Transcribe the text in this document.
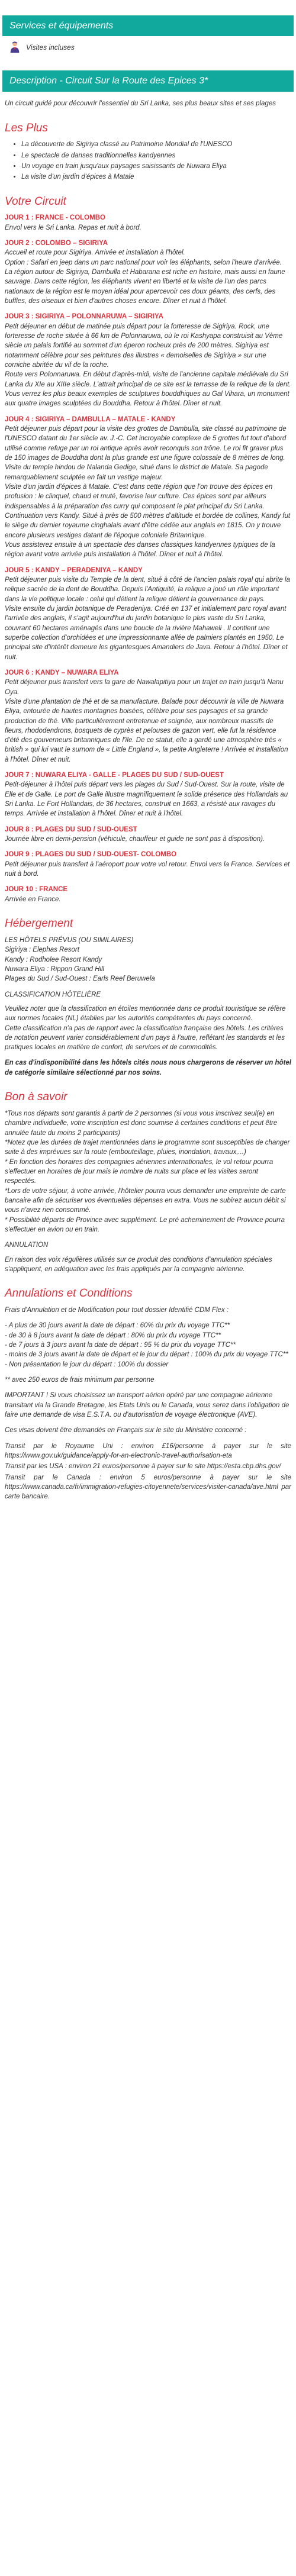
Services et équipements
Visites incluses
Description - Circuit Sur la Route des Epices 3*
Un circuit guidé pour découvrir l'essentiel du Sri Lanka, ses plus beaux sites et ses plages
Les Plus
• La découverte de Sigiriya classé au Patrimoine Mondial de l'UNESCO
• Le spectacle de danses traditionnelles kandyennes
• Un voyage en train jusqu'aux paysages saisissants de Nuwara Eliya
• La visite d'un jardin d'épices à Matale
Votre Circuit
JOUR 1 : FRANCE - COLOMBO
Envol vers le Sri Lanka. Repas et nuit à bord.
JOUR 2 : COLOMBO – SIGIRIYA
Accueil et route pour Sigiriya. Arrivée et installation à l'hôtel.
Option : Safari en jeep dans un parc national pour voir les éléphants, selon l'heure d'arrivée.
La région autour de Sigiriya, Dambulla et Habarana est riche en histoire, mais aussi en faune sauvage. Dans cette région, les éléphants vivent en liberté et la visite de l'un des parcs nationaux de la région est le moyen idéal pour apercevoir ces doux géants, des cerfs, des buffles, des oiseaux et bien d'autres choses encore. Dîner et nuit à l'hôtel.
JOUR 3 : SIGIRIYA – POLONNARUWA – SIGIRIYA
Petit déjeuner en début de matinée puis départ pour la forteresse de Sigiriya. Rock, une forteresse de roche située à 66 km de Polonnaruwa, où le roi Kashyapa construisit au Vème siècle un palais fortifié au sommet d'un éperon rocheux près de 200 mètres. Sigiriya est notamment célèbre pour ses peintures des illustres « demoiselles de Sigiriya » sur une corniche abritée du vif de la roche.
Route vers Polonnaruwa. En début d'après-midi, visite de l'ancienne capitale médiévale du Sri Lanka du XIe au XIIIe siècle. L'attrait principal de ce site est la terrasse de la relique de la dent. Vous verrez les plus beaux exemples de sculptures bouddhiques au Gal Vihara, un monument aux quatre images sculptées du Bouddha. Retour à l'hôtel. Dîner et nuit.
JOUR 4 : SIGIRIYA – DAMBULLA – MATALE - KANDY
Petit déjeuner puis départ pour la visite des grottes de Dambulla, site classé au patrimoine de l'UNESCO datant du 1er siècle av. J.-C. Cet incroyable complexe de 5 grottes fut tout d'abord utilisé comme refuge par un roi antique après avoir reconquis son trône. Le roi fit graver plus de 150 images de Bouddha dont la plus grande est une figure colossale de 8 mètres de long.
Visite du temple hindou de Nalanda Gedige, situé dans le district de Matale. Sa pagode remarquablement sculptée en fait un vestige majeur.
Visite d'un jardin d'épices à Matale. C'est dans cette région que l'on trouve des épices en profusion : le clinquel, chaud et muté, favorise leur culture. Ces épices sont par ailleurs indispensables à la préparation des curry qui composent le plat principal du Sri Lanka.
Continuation vers Kandy. Situé à près de 500 mètres d'altitude et bordée de collines, Kandy fut le siège du dernier royaume cinghalais avant d'être cédée aux anglais en 1815. On y trouve encore plusieurs vestiges datant de l'époque coloniale Britannique.
Vous assisterez ensuite à un spectacle des danses classiques kandyennes typiques de la région avant votre arrivée puis installation à l'hôtel. Dîner et nuit à l'hôtel.
JOUR 5 : KANDY – PERADENIYA – KANDY
Petit déjeuner puis visite du Temple de la dent, situé à côté de l'ancien palais royal qui abrite la relique sacrée de la dent de Bouddha. Depuis l'Antiquité, la relique a joué un rôle important dans la vie politique locale : celui qui détient la relique détient la gouvernance du pays.
Visite ensuite du jardin botanique de Peradeniya. Créé en 137 et initialement parc royal avant l'arrivée des anglais, il s'agit aujourd'hui du jardin botanique le plus vaste du Sri Lanka, couvrant 60 hectares aménagés dans une boucle de la rivière Mahaweli . Il contient une superbe collection d'orchidées et une impressionnante allée de palmiers plantés en 1950. Le principal site d'intérêt demeure les gigantesques Amandiers de Java. Retour à l'hôtel. Dîner et nuit.
JOUR 6 : KANDY – NUWARA ELIYA
Petit déjeuner puis transfert vers la gare de Nawalapitiya pour un trajet en train jusqu'à Nanu Oya.
Visite d'une plantation de thé et de sa manufacture. Balade pour découvrir la ville de Nuwara Eliya, entourée de hautes montagnes boisées, célèbre pour ses paysages et sa grande production de thé. Ville particulièrement entretenue et soignée, aux nombreux massifs de fleurs, rhododendrons, bosquets de cyprès et pelouses de gazon vert, elle fut la résidence d'été des gouverneurs britanniques de l'île. De ce statut, elle a gardé une atmosphère très « british » qui lui vaut le surnom de « Little England », la petite Angleterre ! Arrivée et installation à l'hôtel. Dîner et nuit.
JOUR 7 : NUWARA ELIYA - GALLE - PLAGES DU SUD / SUD-OUEST
Petit-déjeuner à l'hôtel puis départ vers les plages du Sud / Sud-Ouest. Sur la route, visite de Elle et de Galle. Le port de Galle illustre magnifiquement le solide présence des Hollandais au Sri Lanka. Le Fort Hollandais, de 36 hectares, construit en 1663, a résisté aux ravages du temps. Arrivée et installation à l'hôtel. Dîner et nuit à l'hôtel.
JOUR 8 : PLAGES DU SUD / SUD-OUEST
Journée libre en demi-pension (véhicule, chauffeur et guide ne sont pas à disposition).
JOUR 9 : PLAGES DU SUD / SUD-OUEST- COLOMBO
Petit déjeuner puis transfert à l'aéroport pour votre vol retour. Envol vers la France. Services et nuit à bord.
JOUR 10 : FRANCE
Arrivée en France.
Hébergement

LES HÔTELS PRÉVUS (OU SIMILAIRES)

Sigiriya : Elephas Resort

Kandy : Rodholee Resort Kandy

Nuwara Eliya : Rippon Grand Hill

Plages du Sud / Sud-Ouest : Earls Reef Beruwela

CLASSIFICATION HÔTELIÈRE
Veuillez noter que la classification en étoiles mentionnée dans ce produit touristique se réfère aux normes locales (NL) établies par les autorités compétentes du pays concerné.
Cette classification n'a pas de rapport avec la classification française des hôtels. Les critères de notation peuvent varier considérablement d'un pays à l'autre, reflétant les standards et les pratiques locales en matière de confort, de services et de commodités.
En cas d'indisponibilité dans les hôtels cités nous nous chargerons de réserver un hôtel de catégorie similaire sélectionné par nos soins.
Bon à savoir
*Tous nos départs sont garantis à partir de 2 personnes (si vous vous inscrivez seul(e) en chambre individuelle, votre inscription est donc soumise à certaines conditions et peut être annulée faute du moins 2 participants)
*Notez que les durées de trajet mentionnées dans le programme sont susceptibles de changer suite à des imprévues sur la route (embouteillage, pluies, inondation, travaux,...)
* En fonction des horaires des compagnies aériennes internationales, le vol retour pourra s'effectuer en horaires de jour mais le nombre de nuits sur place et les visites seront respectés.
*Lors de votre séjour, à votre arrivée, l'hôtelier pourra vous demander une empreinte de carte bancaire afin de sécuriser vos éventuelles dépenses en extra. Vous ne subirez aucun débit si vous n'avez rien consommé.
* Possibilité départs de Province avec supplément. Le pré acheminement de Province pourra s'effectuer en avion ou en train.
ANNULATION
En raison des voix régulières utilisés sur ce produit des conditions d'annulation spéciales s'appliquent, en adéquation avec les frais appliqués par la compagnie aérienne.
Annulations et Conditions
Frais d'Annulation et de Modification pour tout dossier Identifié CDM Flex :

- A plus de 30 jours avant la date de départ : 60% du prix du voyage TTC**

- de 30 à 8 jours avant la date de départ : 80% du prix du voyage TTC**

- de 7 jours à 3 jours avant la date de départ : 95 % du prix du voyage TTC**

- moins de 3 jours avant la date de départ et le jour du départ : 100% du prix du voyage TTC**

- Non présentation le jour du départ : 100% du dossier

** avec 250 euros de frais minimum par personne
IMPORTANT ! Si vous choisissez un transport aérien opéré par une compagnie aérienne transitant via la Grande Bretagne, les Etats Unis ou le Canada, vous serez dans l'obligation de faire une demande de visa E.S.T.A. ou d'autorisation de voyage électronique (AVE).
Ces visas doivent être demandés en Français sur le site du Ministère concerné :
Transit par le Royaume Uni : environ £16/personne à payer sur le site https://www.gov.uk/guidance/apply-for-an-electronic-travel-authorisation-eta
Transit par les USA : environ 21 euros/personne à payer sur le site https://esta.cbp.dhs.gov/
Transit par le Canada : environ 5 euros/personne à payer sur le site https://www.canada.ca/fr/immigration-refugies-citoyennete/services/visiter-canada/ave.html par carte bancaire.
